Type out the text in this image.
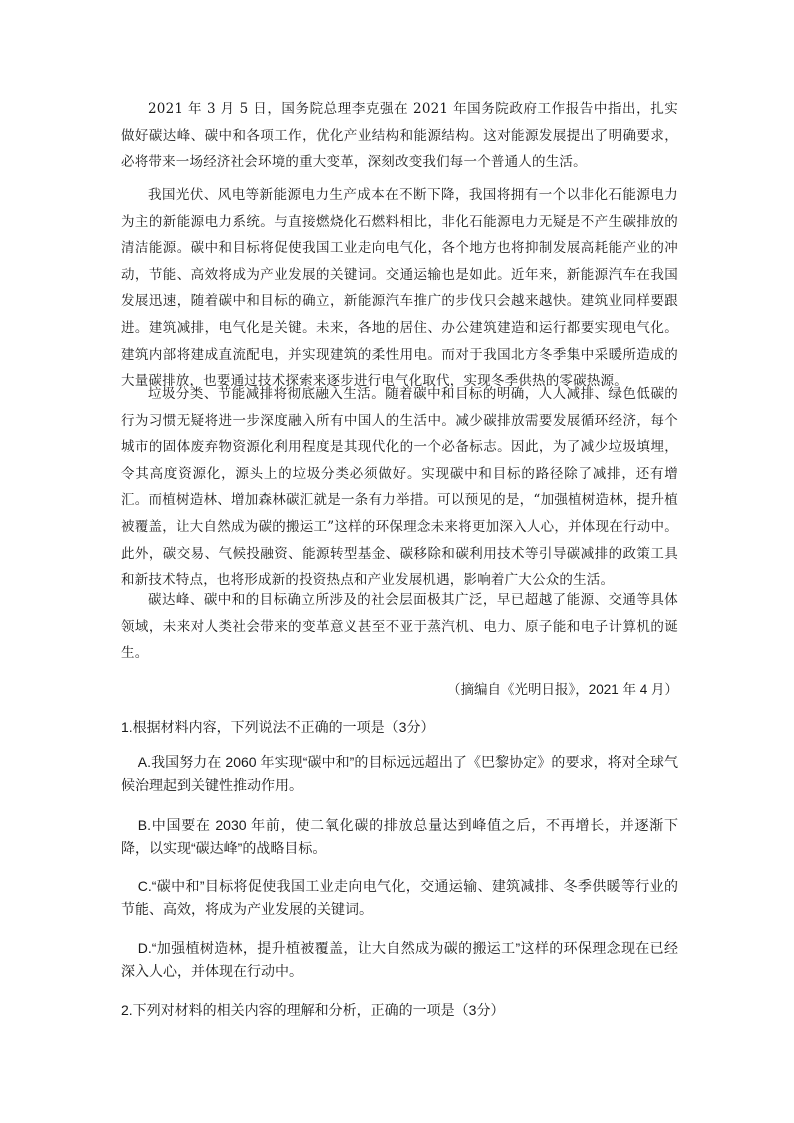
2021 年 3 月 5 日，国务院总理李克强在 2021 年国务院政府工作报告中指出，扎实做好碳达峰、碳中和各项工作，优化产业结构和能源结构。这对能源发展提出了明确要求，必将带来一场经济社会环境的重大变革，深刻改变我们每一个普通人的生活。

我国光伏、风电等新能源电力生产成本在不断下降，我国将拥有一个以非化石能源电力为主的新能源电力系统。与直接燃烧化石燃料相比，非化石能源电力无疑是不产生碳排放的清洁能源。碳中和目标将促使我国工业走向电气化，各个地方也将抑制发展高耗能产业的冲动，节能、高效将成为产业发展的关键词。交通运输也是如此。近年来，新能源汽车在我国发展迅速，随着碳中和目标的确立，新能源汽车推广的步伐只会越来越快。建筑业同样要跟进。建筑减排，电气化是关键。未来，各地的居住、办公建筑建造和运行都要实现电气化。建筑内部将建成直流配电，并实现建筑的柔性用电。而对于我国北方冬季集中采暖所造成的大量碳排放，也要通过技术探索来逐步进行电气化取代，实现冬季供热的零碳热源。

垃圾分类、节能减排将彻底融入生活。随着碳中和目标的明确，人人减排、绿色低碳的行为习惯无疑将进一步深度融入所有中国人的生活中。减少碳排放需要发展循环经济，每个城市的固体废弃物资源化利用程度是其现代化的一个必备标志。因此，为了减少垃圾填埋，令其高度资源化，源头上的垃圾分类必须做好。实现碳中和目标的路径除了减排，还有增汇。而植树造林、增加森林碳汇就是一条有力举措。可以预见的是，“加强植树造林，提升植被覆盖，让大自然成为碳的搬运工”这样的环保理念未来将更加深入人心，并体现在行动中。此外，碳交易、气候投融资、能源转型基金、碳移除和碳利用技术等引导碳减排的政策工具和新技术特点，也将形成新的投资热点和产业发展机遇，影响着广大公众的生活。

碳达峰、碳中和的目标确立所涉及的社会层面极其广泛，早已超越了能源、交通等具体领域，未来对人类社会带来的变革意义甚至不亚于蒸汽机、电力、原子能和电子计算机的诞生。

（摘编自《光明日报》，2021 年 4 月）

1.根据材料内容，下列说法不正确的一项是（3分）

A.我国努力在 2060 年实现“碳中和”的目标远远超出了《巴黎协定》的要求，将对全球气候治理起到关键性推动作用。

B.中国要在 2030 年前，使二氧化碳的排放总量达到峰值之后，不再增长，并逐渐下降，以实现“碳达峰”的战略目标。

C.“碳中和”目标将促使我国工业走向电气化，交通运输、建筑减排、冬季供暖等行业的节能、高效，将成为产业发展的关键词。

D.“加强植树造林，提升植被覆盖，让大自然成为碳的搬运工”这样的环保理念现在已经深入人心，并体现在行动中。

2.下列对材料的相关内容的理解和分析，正确的一项是（3分）
